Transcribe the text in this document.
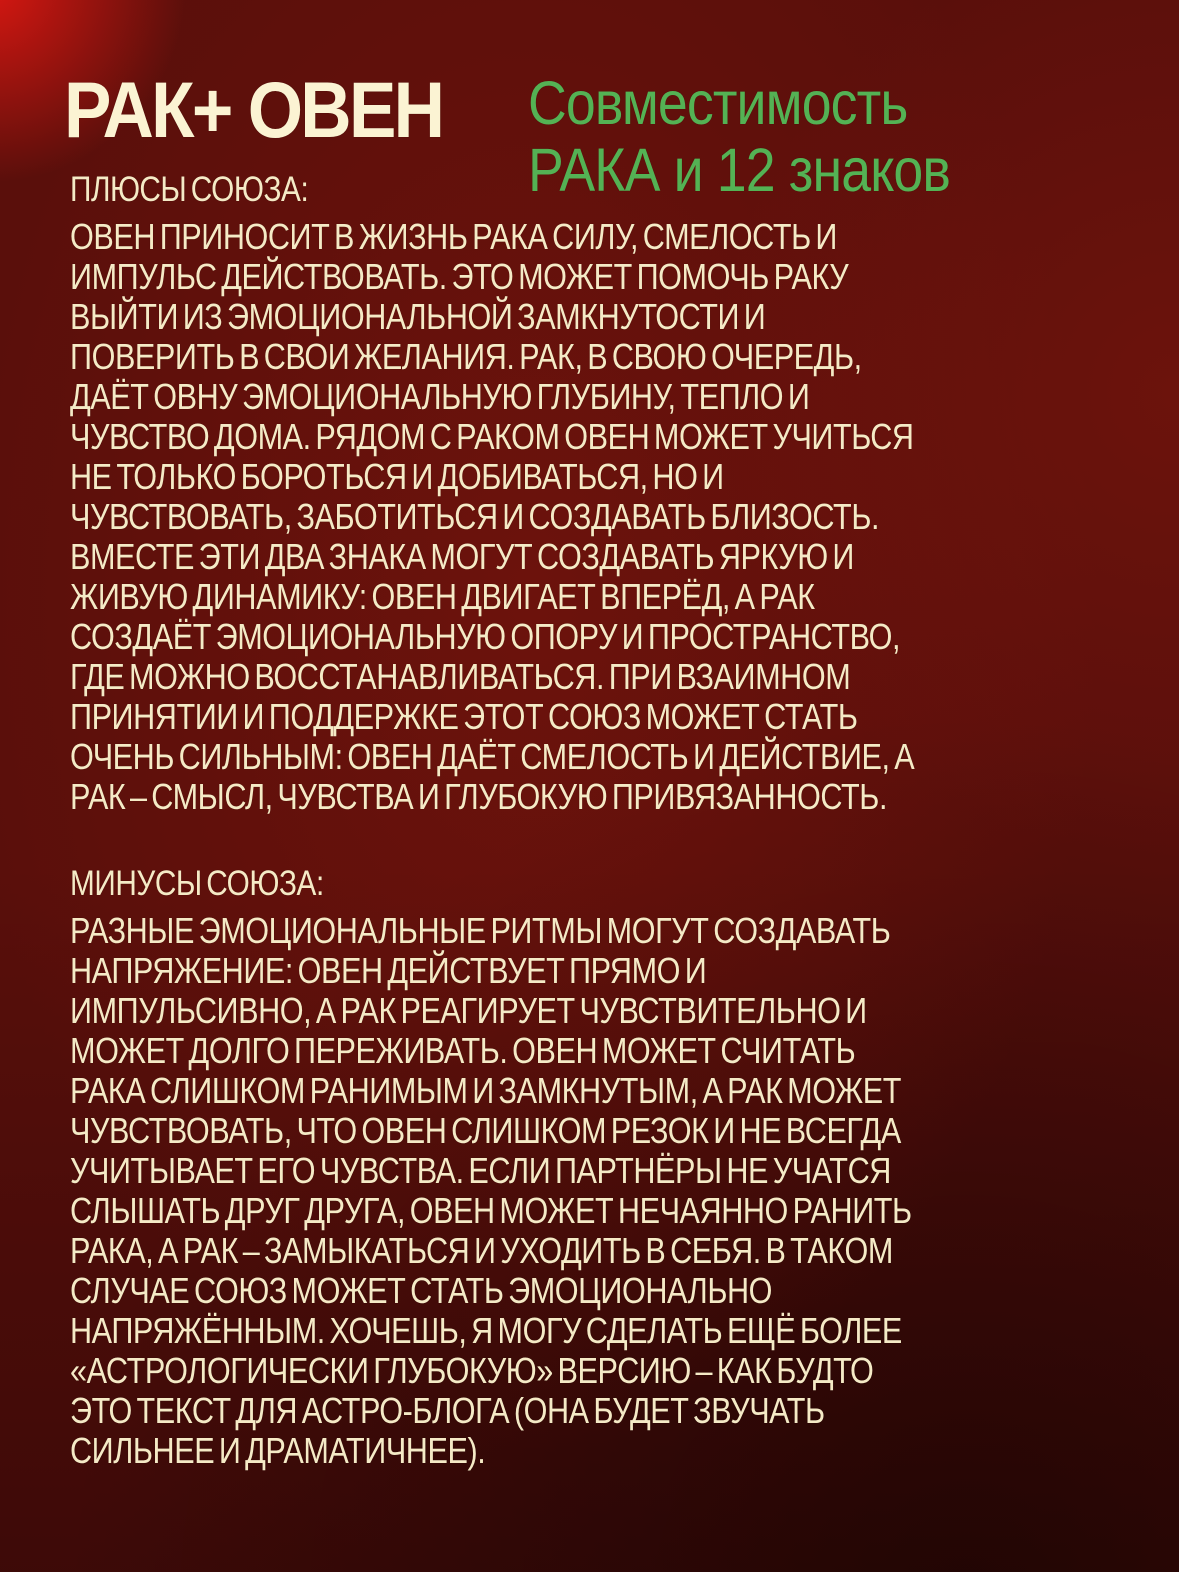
РАК+ ОВЕН Совместимость
РАКА и 12 знаков
ПЛЮСЫ СОЮЗА:
ОВЕН ПРИНОСИТ В ЖИЗНЬ РАКА СИЛУ, СМЕЛОСТЬ И
ИМПУЛЬС ДЕЙСТВОВАТЬ. ЭТО МОЖЕТ ПОМОЧЬ РАКУ
ВЫЙТИ ИЗ ЭМОЦИОНАЛЬНОЙ ЗАМКНУТОСТИ И
ПОВЕРИТЬ В СВОИ ЖЕЛАНИЯ. РАК, В СВОЮ ОЧЕРЕДЬ,
ДАЁТ ОВНУ ЭМОЦИОНАЛЬНУЮ ГЛУБИНУ, ТЕПЛО И
ЧУВСТВО ДОМА. РЯДОМ С РАКОМ ОВЕН МОЖЕТ УЧИТЬСЯ
НЕ ТОЛЬКО БОРОТЬСЯ И ДОБИВАТЬСЯ, НО И
ЧУВСТВОВАТЬ, ЗАБОТИТЬСЯ И СОЗДАВАТЬ БЛИЗОСТЬ.
ВМЕСТЕ ЭТИ ДВА ЗНАКА МОГУТ СОЗДАВАТЬ ЯРКУЮ И
ЖИВУЮ ДИНАМИКУ: ОВЕН ДВИГАЕТ ВПЕРЁД, А РАК
СОЗДАЁТ ЭМОЦИОНАЛЬНУЮ ОПОРУ И ПРОСТРАНСТВО,
ГДЕ МОЖНО ВОССТАНАВЛИВАТЬСЯ. ПРИ ВЗАИМНОМ
ПРИНЯТИИ И ПОДДЕРЖКЕ ЭТОТ СОЮЗ МОЖЕТ СТАТЬ
ОЧЕНЬ СИЛЬНЫМ: ОВЕН ДАЁТ СМЕЛОСТЬ И ДЕЙСТВИЕ, А
РАК – СМЫСЛ, ЧУВСТВА И ГЛУБОКУЮ ПРИВЯЗАННОСТЬ.
МИНУСЫ СОЮЗА:
РАЗНЫЕ ЭМОЦИОНАЛЬНЫЕ РИТМЫ МОГУТ СОЗДАВАТЬ
НАПРЯЖЕНИЕ: ОВЕН ДЕЙСТВУЕТ ПРЯМО И
ИМПУЛЬСИВНО, А РАК РЕАГИРУЕТ ЧУВСТВИТЕЛЬНО И
МОЖЕТ ДОЛГО ПЕРЕЖИВАТЬ. ОВЕН МОЖЕТ СЧИТАТЬ
РАКА СЛИШКОМ РАНИМЫМ И ЗАМКНУТЫМ, А РАК МОЖЕТ
ЧУВСТВОВАТЬ, ЧТО ОВЕН СЛИШКОМ РЕЗОК И НЕ ВСЕГДА
УЧИТЫВАЕТ ЕГО ЧУВСТВА. ЕСЛИ ПАРТНЁРЫ НЕ УЧАТСЯ
СЛЫШАТЬ ДРУГ ДРУГА, ОВЕН МОЖЕТ НЕЧАЯННО РАНИТЬ
РАКА, А РАК – ЗАМЫКАТЬСЯ И УХОДИТЬ В СЕБЯ. В ТАКОМ
СЛУЧАЕ СОЮЗ МОЖЕТ СТАТЬ ЭМОЦИОНАЛЬНО
НАПРЯЖЁННЫМ. ХОЧЕШЬ, Я МОГУ СДЕЛАТЬ ЕЩЁ БОЛЕЕ
«АСТРОЛОГИЧЕСКИ ГЛУБОКУЮ» ВЕРСИЮ – КАК БУДТО
ЭТО ТЕКСТ ДЛЯ АСТРО-БЛОГА (ОНА БУДЕТ ЗВУЧАТЬ
СИЛЬНЕЕ И ДРАМАТИЧНЕЕ).
